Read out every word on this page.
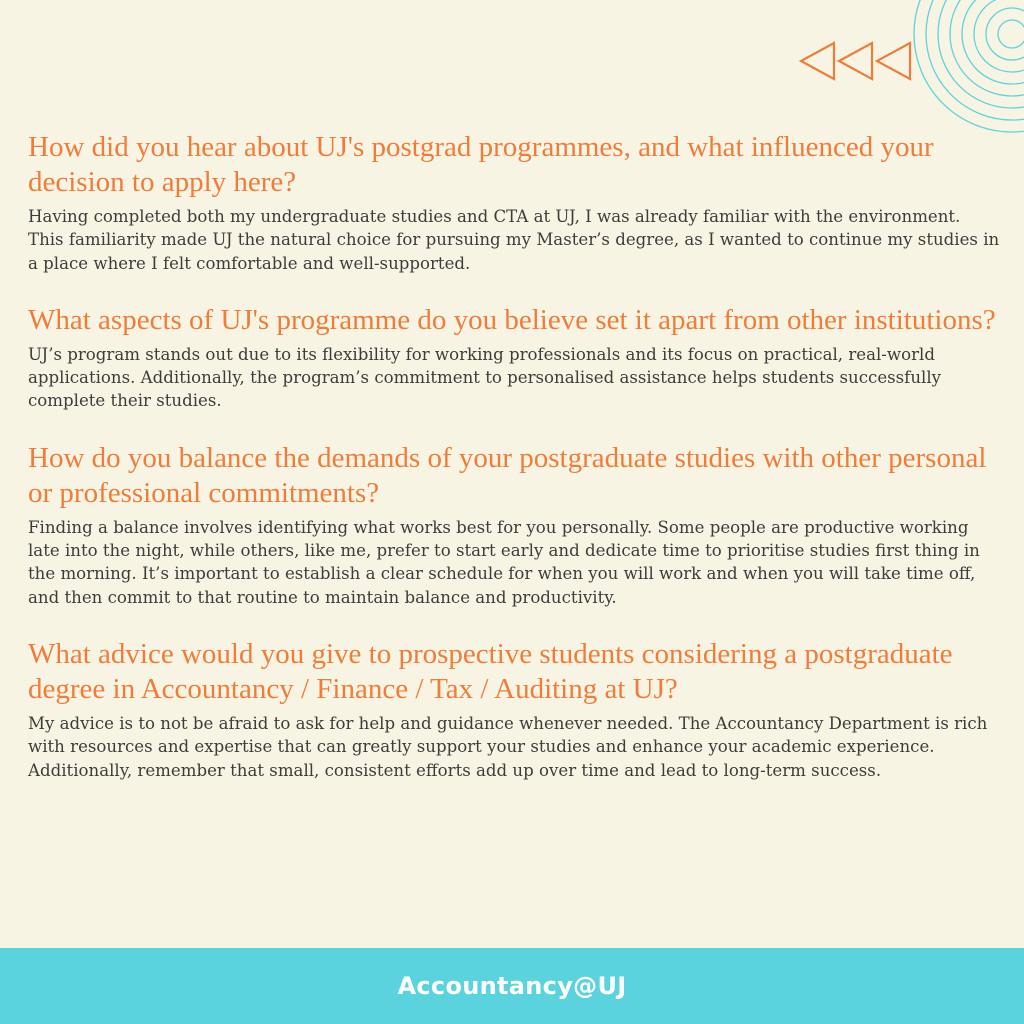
How did you hear about UJ's postgrad programmes, and what influenced your decision to apply here?

Having completed both my undergraduate studies and CTA at UJ, I was already familiar with the environment. This familiarity made UJ the natural choice for pursuing my Master’s degree, as I wanted to continue my studies in a place where I felt comfortable and well-supported.

What aspects of UJ's programme do you believe set it apart from other institutions?

UJ’s program stands out due to its flexibility for working professionals and its focus on practical, real-world applications. Additionally, the program’s commitment to personalised assistance helps students successfully complete their studies.

How do you balance the demands of your postgraduate studies with other personal or professional commitments?

Finding a balance involves identifying what works best for you personally. Some people are productive working late into the night, while others, like me, prefer to start early and dedicate time to prioritise studies first thing in the morning. It’s important to establish a clear schedule for when you will work and when you will take time off, and then commit to that routine to maintain balance and productivity.

What advice would you give to prospective students considering a postgraduate degree in Accountancy / Finance / Tax / Auditing at UJ?

My advice is to not be afraid to ask for help and guidance whenever needed. The Accountancy Department is rich with resources and expertise that can greatly support your studies and enhance your academic experience. Additionally, remember that small, consistent efforts add up over time and lead to long-term success.

Accountancy@UJ
